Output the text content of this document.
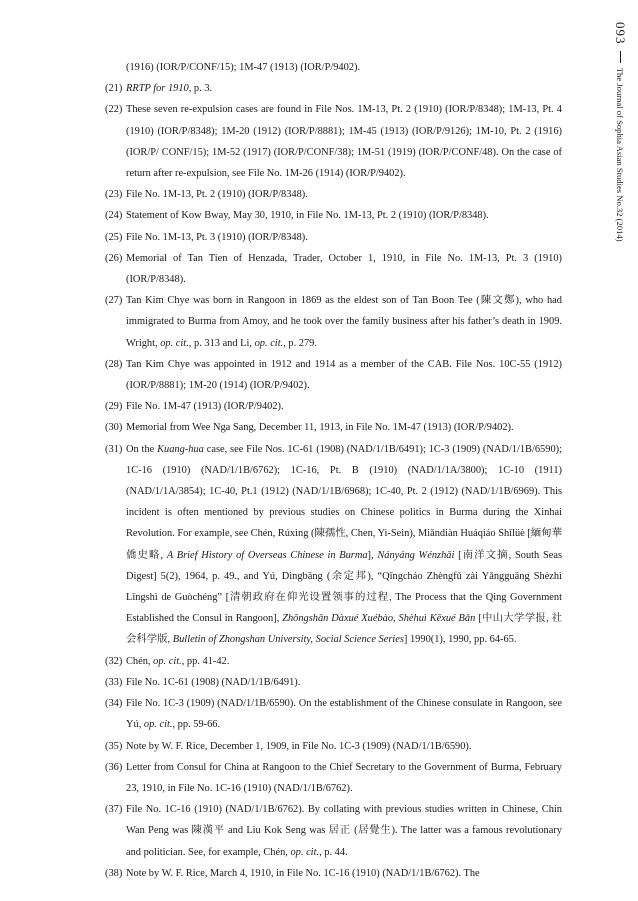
093  The Journal of Sophia Asian Studies No.32 (2014)
(1916) (IOR/P/CONF/15); 1M-47 (1913) (IOR/P/9402).
(21) RRTP for 1910, p. 3.
(22) These seven re-expulsion cases are found in File Nos. 1M-13, Pt. 2 (1910) (IOR/P/8348); 1M-13, Pt. 4 (1910) (IOR/P/8348); 1M-20 (1912) (IOR/P/8881); 1M-45 (1913) (IOR/P/9126); 1M-10, Pt. 2 (1916) (IOR/P/ CONF/15); 1M-52 (1917) (IOR/P/CONF/38); 1M-51 (1919) (IOR/P/CONF/48). On the case of return after re-expulsion, see File No. 1M-26 (1914) (IOR/P/9402).
(23) File No. 1M-13, Pt. 2 (1910) (IOR/P/8348).
(24) Statement of Kow Bway, May 30, 1910, in File No. 1M-13, Pt. 2 (1910) (IOR/P/8348).
(25) File No. 1M-13, Pt. 3 (1910) (IOR/P/8348).
(26) Memorial of Tan Tien of Henzada, Trader, October 1, 1910, in File No. 1M-13, Pt. 3 (1910) (IOR/P/8348).
(27) Tan Kim Chye was born in Rangoon in 1869 as the eldest son of Tan Boon Tee (陳文鄭), who had immigrated to Burma from Amoy, and he took over the family business after his father’s death in 1909. Wright, op. cit., p. 313 and Li, op. cit., p. 279.
(28) Tan Kim Chye was appointed in 1912 and 1914 as a member of the CAB. File Nos. 10C-55 (1912) (IOR/P/8881); 1M-20 (1914) (IOR/P/9402).
(29) File No. 1M-47 (1913) (IOR/P/9402).
(30) Memorial from Wee Nga Sang, December 11, 1913, in File No. 1M-47 (1913) (IOR/P/9402).
(31) On the Kuang-hua case, see File Nos. 1C-61 (1908) (NAD/1/1B/6491); 1C-3 (1909) (NAD/1/1B/6590); 1C-16 (1910) (NAD/1/1B/6762); 1C-16, Pt. B (1910) (NAD/1/1A/3800); 1C-10 (1911) (NAD/1/1A/3854); 1C-40, Pt.1 (1912) (NAD/1/1B/6968); 1C-40, Pt. 2 (1912) (NAD/1/1B/6969). This incident is often mentioned by previous studies on Chinese politics in Burma during the Xinhai Revolution. For example, see Chén, Rúxìng (陳孺性, Chen, Yi-Sein), Miǎndiàn Huáqiáo Shǐlüè [緬甸華僑史略, A Brief History of Overseas Chinese in Burma], Nányáng Wénzhāi [南洋文摘, South Seas Digest] 5(2), 1964, p. 49., and Yú, Dìngbāng (余定邦), “Qīngcháo Zhèngfǔ zài Yǎngguāng Shèzhì Lǐngshì de Guòchéng” [清朝政府在仰光设置领事的过程, The Process that the Qing Government Established the Consul in Rangoon], Zhōngshān Dàxué Xuébào, Shèhuì Kēxué Bǎn [中山大学学报, 社会科学版, Bulletin of Zhongshan University, Social Science Series] 1990(1), 1990, pp. 64-65.
(32) Chén, op. cit., pp. 41-42.
(33) File No. 1C-61 (1908) (NAD/1/1B/6491).
(34) File No. 1C-3 (1909) (NAD/1/1B/6590). On the establishment of the Chinese consulate in Rangoon, see Yú, op. cit., pp. 59-66.
(35) Note by W. F. Rice, December 1, 1909, in File No. 1C-3 (1909) (NAD/1/1B/6590).
(36) Letter from Consul for China at Rangoon to the Chief Secretary to the Government of Burma, February 23, 1910, in File No. 1C-16 (1910) (NAD/1/1B/6762).
(37) File No. 1C-16 (1910) (NAD/1/1B/6762). By collating with previous studies written in Chinese, Chin Wan Peng was 陳漢平 and Liu Kok Seng was 居正 (居覺生). The latter was a famous revolutionary and politician. See, for example, Chén, op. cit., p. 44.
(38) Note by W. F. Rice, March 4, 1910, in File No. 1C-16 (1910) (NAD/1/1B/6762). The
